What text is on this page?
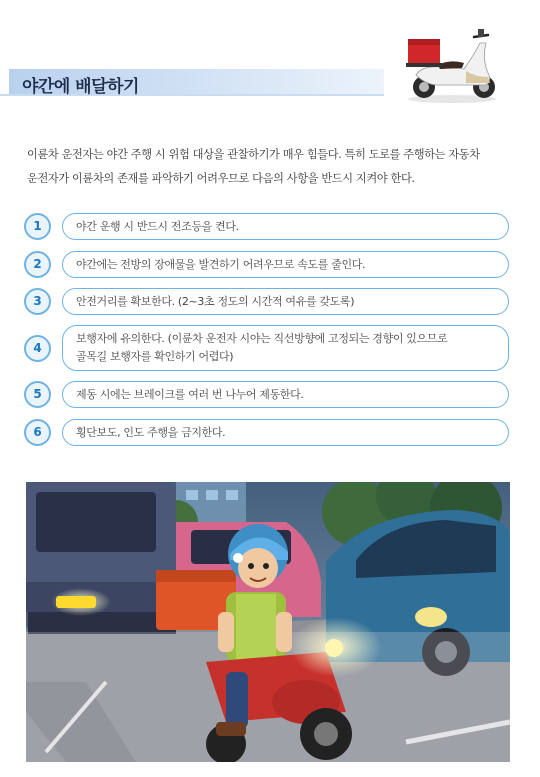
야간에 배달하기

이륜차 운전자는 야간 주행 시 위험 대상을 관찰하기가 매우 힘들다. 특히 도로를 주행하는 자동차

운전자가 이륜차의 존재를 파악하기 어려우므로 다음의 사항을 반드시 지켜야 한다.

1	야간 운행 시 반드시 전조등을 켠다.
2	야간에는 전방의 장애물을 발견하기 어려우므로 속도를 줄인다.
3	안전거리를 확보한다. (2~3초 정도의 시간적 여유를 갖도록)
4
보행자에 유의한다. (이륜차 운전자 시야는 직선방향에 고정되는 경향이 있으므로
골목길 보행자를 확인하기 어렵다)
5	제동 시에는 브레이크를 여러 번 나누어 제동한다.
6	횡단보도, 인도 주행을 금지한다.
